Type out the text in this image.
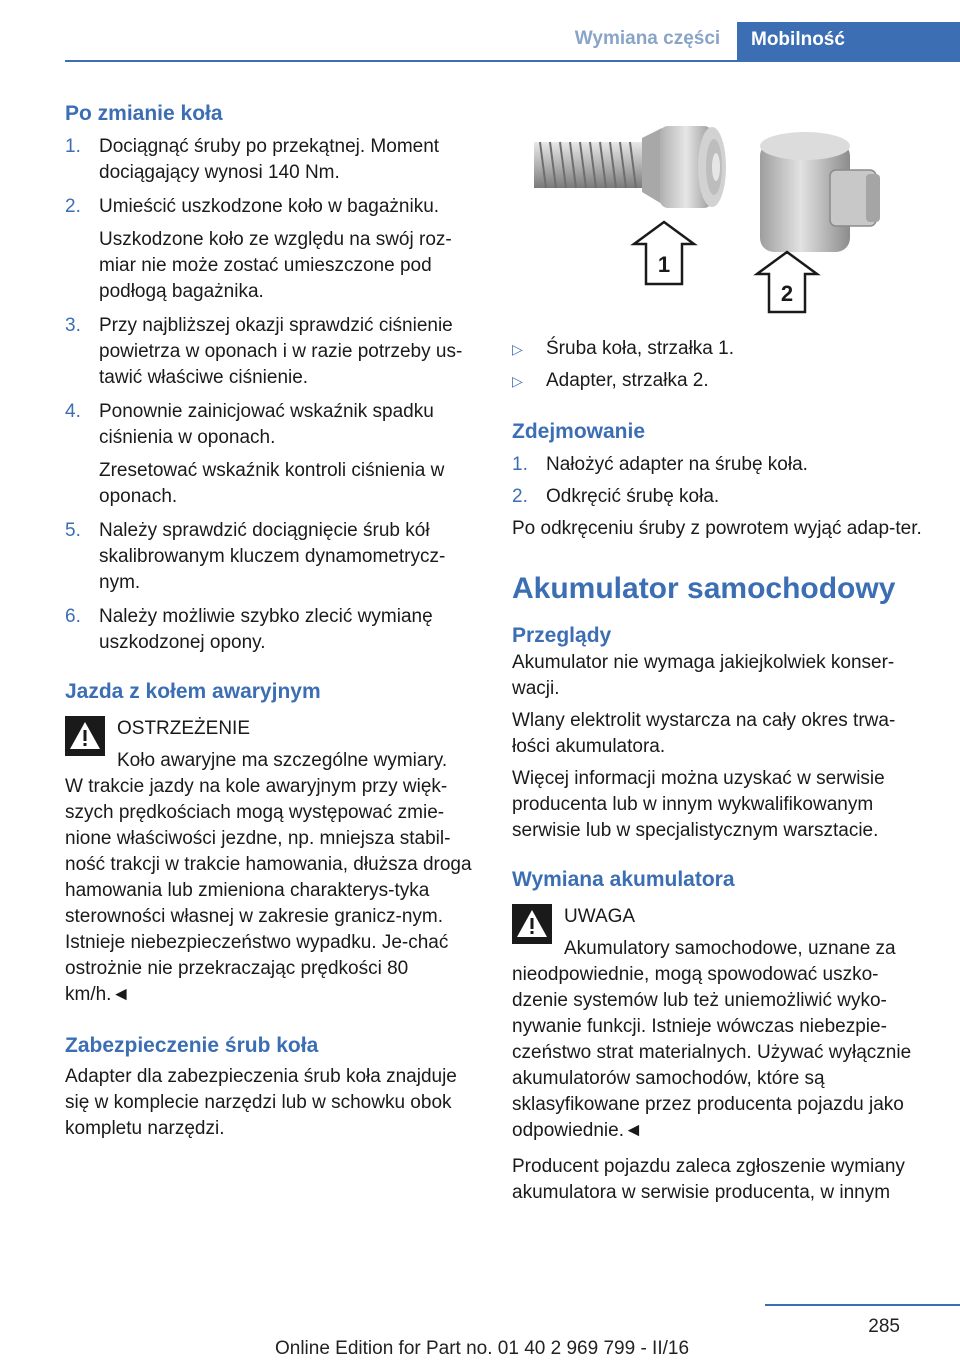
Wymiana części	Mobilność
Po zmianie koła
1. Dociągnąć śruby po przekątnej. Moment dociągający wynosi 140 Nm.
2. Umieścić uszkodzone koło w bagażniku.
Uszkodzone koło ze względu na swój roz‐miar nie może zostać umieszczone pod podłogą bagażnika.
3. Przy najbliższej okazji sprawdzić ciśnienie powietrza w oponach i w razie potrzeby us‐tawić właściwe ciśnienie.
4. Ponownie zainicjować wskaźnik spadku ciśnienia w oponach.
Zresetować wskaźnik kontroli ciśnienia w oponach.
5. Należy sprawdzić dociągnięcie śrub kół skalibrowanym kluczem dynamometrycz‐nym.
6. Należy możliwie szybko zlecić wymianę uszkodzonej opony.
Jazda z kołem awaryjnym
OSTRZEŻENIE
Koło awaryjne ma szczególne wymiary.
W trakcie jazdy na kole awaryjnym przy więk‐szych prędkościach mogą występować zmie‐nione właściwości jezdne, np. mniejsza stabil‐ność trakcji w trakcie hamowania, dłuższa droga hamowania lub zmieniona charakterys‐tyka sterowności własnej w zakresie granicz‐nym. Istnieje niebezpieczeństwo wypadku. Je‐chać ostrożnie nie przekraczając prędkości 80 km/h.◄
Zabezpieczenie śrub koła
Adapter dla zabezpieczenia śrub koła znajduje się w komplecie narzędzi lub w schowku obok kompletu narzędzi.
1
2
▷ Śruba koła, strzałka 1.
▷ Adapter, strzałka 2.
Zdejmowanie
1. Nałożyć adapter na śrubę koła.
2. Odkręcić śrubę koła.
Po odkręceniu śruby z powrotem wyjąć adap‐ter.
Akumulator samochodowy
Przeglądy
Akumulator nie wymaga jakiejkolwiek konser‐wacji.
Wlany elektrolit wystarcza na cały okres trwa‐łości akumulatora.
Więcej informacji można uzyskać w serwisie producenta lub w innym wykwalifikowanym serwisie lub w specjalistycznym warsztacie.
Wymiana akumulatora
UWAGA
Akumulatory samochodowe, uznane za nieodpowiednie, mogą spowodować uszko‐dzenie systemów lub też uniemożliwić wyko‐nywanie funkcji. Istnieje wówczas niebezpie‐czeństwo strat materialnych. Używać wyłącznie akumulatorów samochodów, które są sklasyfikowane przez producenta pojazdu jako odpowiednie.◄
Producent pojazdu zaleca zgłoszenie wymiany akumulatora w serwisie producenta, w innym
285
Online Edition for Part no. 01 40 2 969 799 - II/16
